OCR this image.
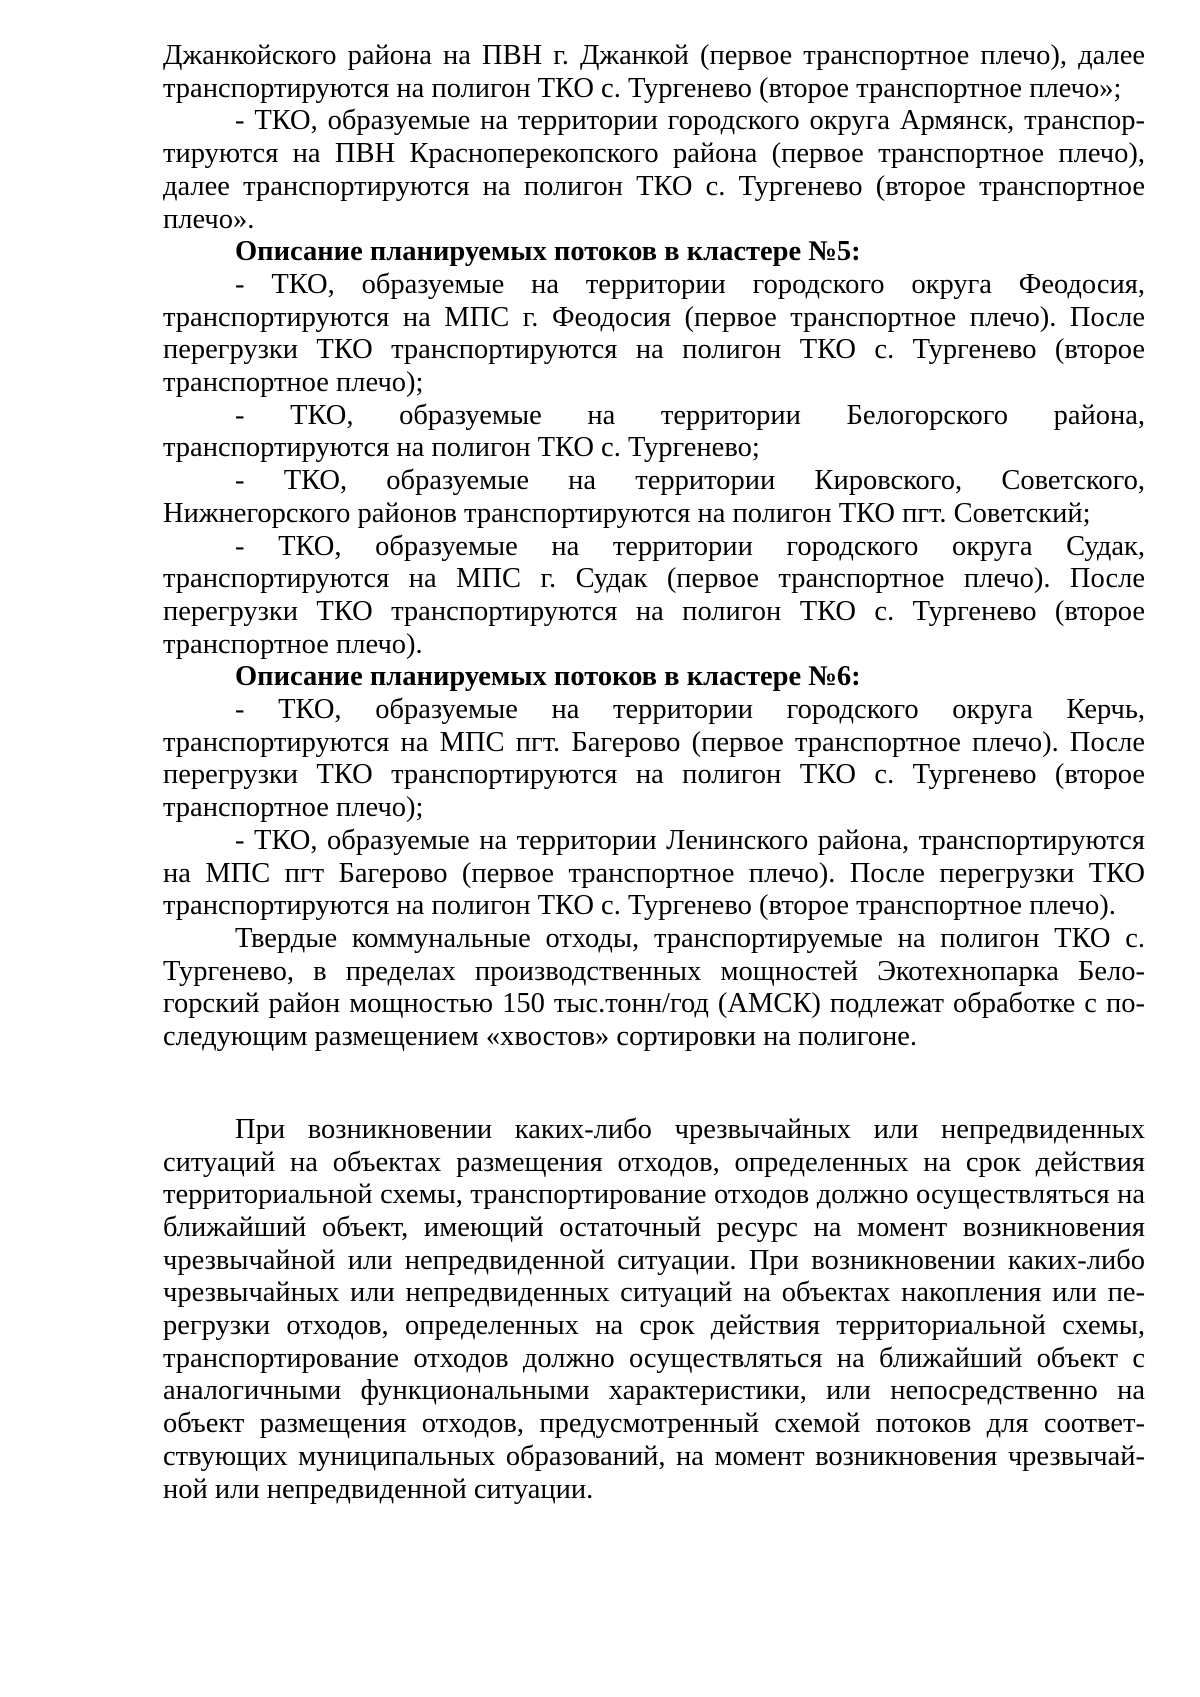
Джанкойского района на ПВН г. Джанкой (первое транспортное плечо), далее транспортируются на полигон ТКО с. Тургенево (второе транспортное плечо»;

- ТКО, образуемые на территории городского округа Армянск, транспортируются на ПВН Красноперекопского района (первое транспортное плечо), далее транспортируются на полигон ТКО с. Тургенево (второе транспортное плечо».

Описание планируемых потоков в кластере №5:

- ТКО, образуемые на территории городского округа Феодосия, транспортируются на МПС г. Феодосия (первое транспортное плечо). После перегрузки ТКО транспортируются на полигон ТКО с. Тургенево (второе транспортное плечо);

- ТКО, образуемые на территории Белогорского района, транспортируются на полигон ТКО с. Тургенево;

- ТКО, образуемые на территории Кировского, Советского, Нижнегорского районов транспортируются на полигон ТКО пгт. Советский;

- ТКО, образуемые на территории городского округа Судак, транспортируются на МПС г. Судак (первое транспортное плечо). После перегрузки ТКО транспортируются на полигон ТКО с. Тургенево (второе транспортное плечо).

Описание планируемых потоков в кластере №6:

- ТКО, образуемые на территории городского округа Керчь, транспортируются на МПС пгт. Багерово (первое транспортное плечо). После перегрузки ТКО транспортируются на полигон ТКО с. Тургенево (второе транспортное плечо);

- ТКО, образуемые на территории Ленинского района, транспортируются на МПС пгт Багерово (первое транспортное плечо). После перегрузки ТКО транспортируются на полигон ТКО с. Тургенево (второе транспортное плечо).

Твердые коммунальные отходы, транспортируемые на полигон ТКО с. Тургенево, в пределах производственных мощностей Экотехнопарка Белогорский район мощностью 150 тыс.тонн/год (АМСК) подлежат обработке с последующим размещением «хвостов» сортировки на полигоне.

При возникновении каких-либо чрезвычайных или непредвиденных ситуаций на объектах размещения отходов, определенных на срок действия территориальной схемы, транспортирование отходов должно осуществляться на ближайший объект, имеющий остаточный ресурс на момент возникновения чрезвычайной или непредвиденной ситуации. При возникновении каких-либо чрезвычайных или непредвиденных ситуаций на объектах накопления или перегрузки отходов, определенных на срок действия территориальной схемы, транспортирование отходов должно осуществляться на ближайший объект с аналогичными функциональными характеристики, или непосредственно на объект размещения отходов, предусмотренный схемой потоков для соответствующих муниципальных образований, на момент возникновения чрезвычайной или непредвиденной ситуации.
